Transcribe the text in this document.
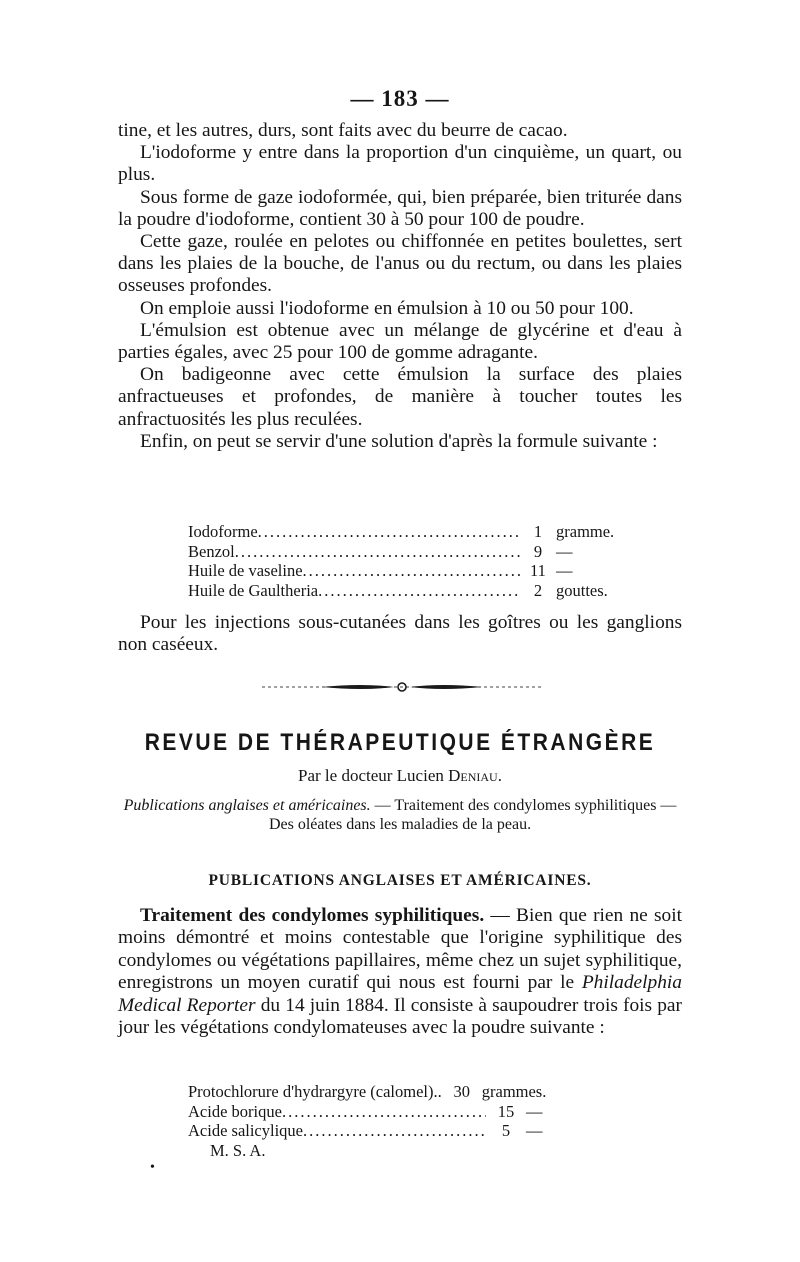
— 183 —

tine, et les autres, durs, sont faits avec du beurre de cacao.

L'iodoforme y entre dans la proportion d'un cinquième, un quart, ou plus.

Sous forme de gaze iodoformée, qui, bien préparée, bien triturée dans la poudre d'iodoforme, contient 30 à 50 pour 100 de poudre.

Cette gaze, roulée en pelotes ou chiffonnée en petites boulettes, sert dans les plaies de la bouche, de l'anus ou du rectum, ou dans les plaies osseuses profondes.

On emploie aussi l'iodoforme en émulsion à 10 ou 50 pour 100.

L'émulsion est obtenue avec un mélange de glycérine et d'eau à parties égales, avec 25 pour 100 de gomme adragante.

On badigeonne avec cette émulsion la surface des plaies anfractueuses et profondes, de manière à toucher toutes les anfractuosités les plus reculées.

Enfin, on peut se servir d'une solution d'après la formule suivante :

Iodoforme .....	1 gramme.
Benzol .....	9 —
Huile de vaseline .....	11 —
Huile de Gaultheria .....	2 gouttes.

Pour les injections sous-cutanées dans les goîtres ou les ganglions non caséeux.

REVUE DE THÉRAPEUTIQUE ÉTRANGÈRE
Par le docteur Lucien Deniau.
Publications anglaises et américaines. — Traitement des condylomes syphilitiques — Des oléates dans les maladies de la peau.
PUBLICATIONS ANGLAISES ET AMÉRICAINES.

Traitement des condylomes syphilitiques. — Bien que rien ne soit moins démontré et moins contestable que l'origine syphilitique des condylomes ou végétations papillaires, même chez un sujet syphilitique, enregistrons un moyen curatif qui nous est fourni par le Philadelphia Medical Reporter du 14 juin 1884. Il consiste à saupoudrer trois fois par jour les végétations condylomateuses avec la poudre suivante :

Protochlorure d'hydrargyre (calomel).. 30 grammes.
Acide borique .....	15 —
Acide salicylique .....	5 —
M. S. A.
•
